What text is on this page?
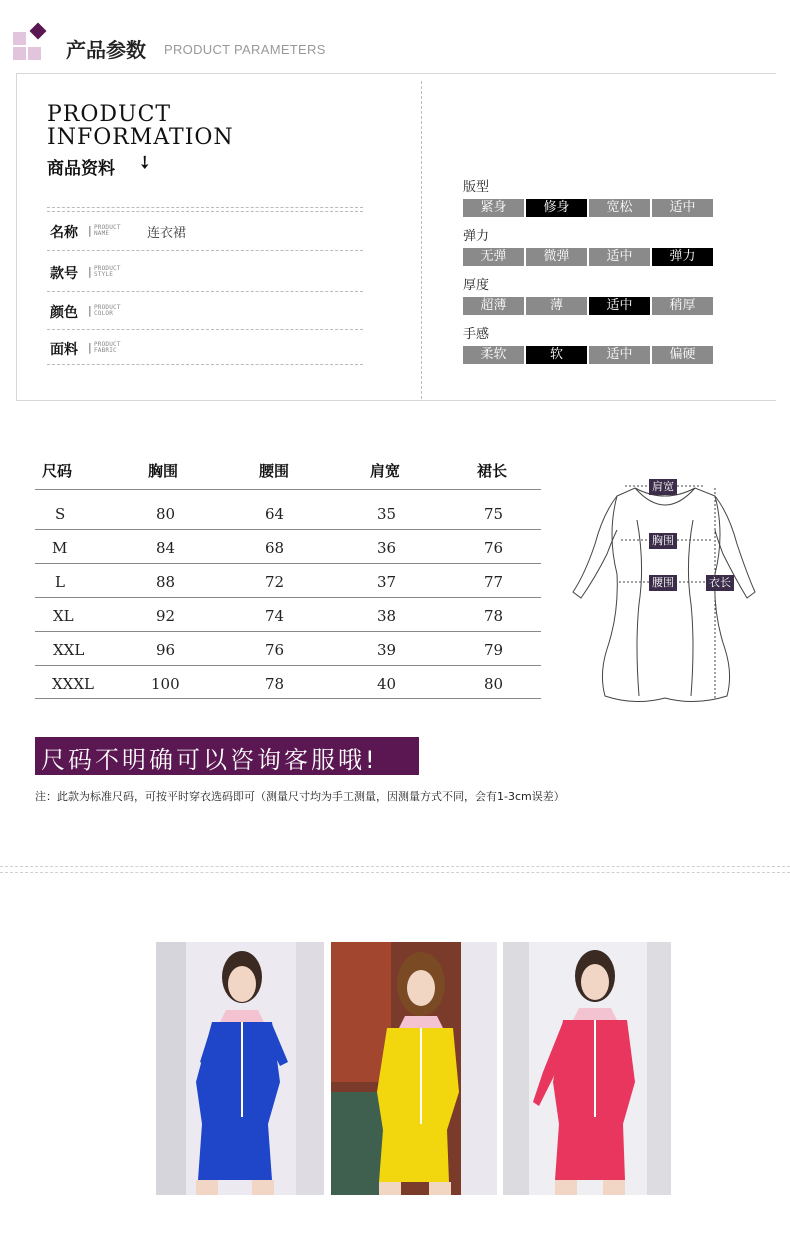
产品参数 PRODUCT PARAMETERS
PRODUCT
INFORMATION
商品资料 ➘
名称 | PRODUCT
NAME	连衣裙
款号 | PRODUCT
STYLE
颜色 | PRODUCT
COLOR
面料 | PRODUCT
FABRIC
版型
紧身	修身	宽松	适中
弹力
无弹	微弹	适中	弹力
厚度
超薄	薄	适中	稍厚
手感
柔软	软	适中	偏硬
尺码	胸围	腰围	肩宽	裙长
S	80	64	35	75
M	84	68	36	76
L	88	72	37	77
XL	92	74	38	78
XXL	96	76	39	79
XXXL	100	78	40	80
肩宽
胸围
腰围	衣长
尺码不明确可以咨询客服哦!
注：此款为标准尺码，可按平时穿衣选码即可（测量尺寸均为手工测量，因测量方式不同，会有1-3cm误差）
